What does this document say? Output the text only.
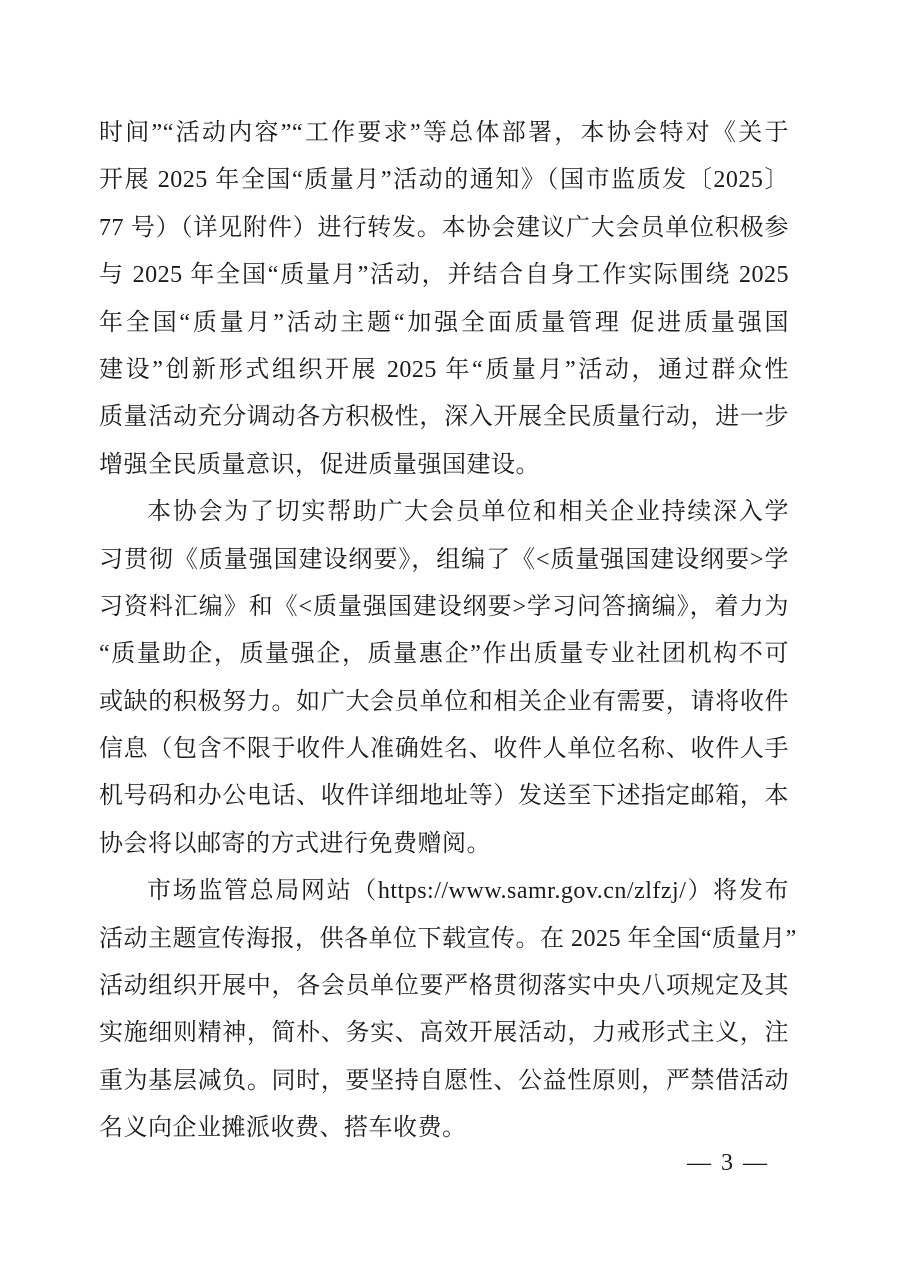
时间”“活动内容”“工作要求”等总体部署，本协会特对《关于
开展 2025 年全国“质量月”活动的通知》（国市监质发〔2025〕
77 号）（详见附件）进行转发。本协会建议广大会员单位积极参
与 2025 年全国“质量月”活动，并结合自身工作实际围绕 2025
年全国“质量月”活动主题“加强全面质量管理 促进质量强国
建设”创新形式组织开展 2025 年“质量月”活动，通过群众性
质量活动充分调动各方积极性，深入开展全民质量行动，进一步
增强全民质量意识，促进质量强国建设。
本协会为了切实帮助广大会员单位和相关企业持续深入学
习贯彻《质量强国建设纲要》，组编了《<质量强国建设纲要>学
习资料汇编》和《<质量强国建设纲要>学习问答摘编》，着力为
“质量助企，质量强企，质量惠企”作出质量专业社团机构不可
或缺的积极努力。如广大会员单位和相关企业有需要，请将收件
信息（包含不限于收件人准确姓名、收件人单位名称、收件人手
机号码和办公电话、收件详细地址等）发送至下述指定邮箱，本
协会将以邮寄的方式进行免费赠阅。
市场监管总局网站（https://www.samr.gov.cn/zlfzj/）将发布
活动主题宣传海报，供各单位下载宣传。在 2025 年全国“质量月”
活动组织开展中，各会员单位要严格贯彻落实中央八项规定及其
实施细则精神，简朴、务实、高效开展活动，力戒形式主义，注
重为基层减负。同时，要坚持自愿性、公益性原则，严禁借活动
名义向企业摊派收费、搭车收费。
— 3 —
